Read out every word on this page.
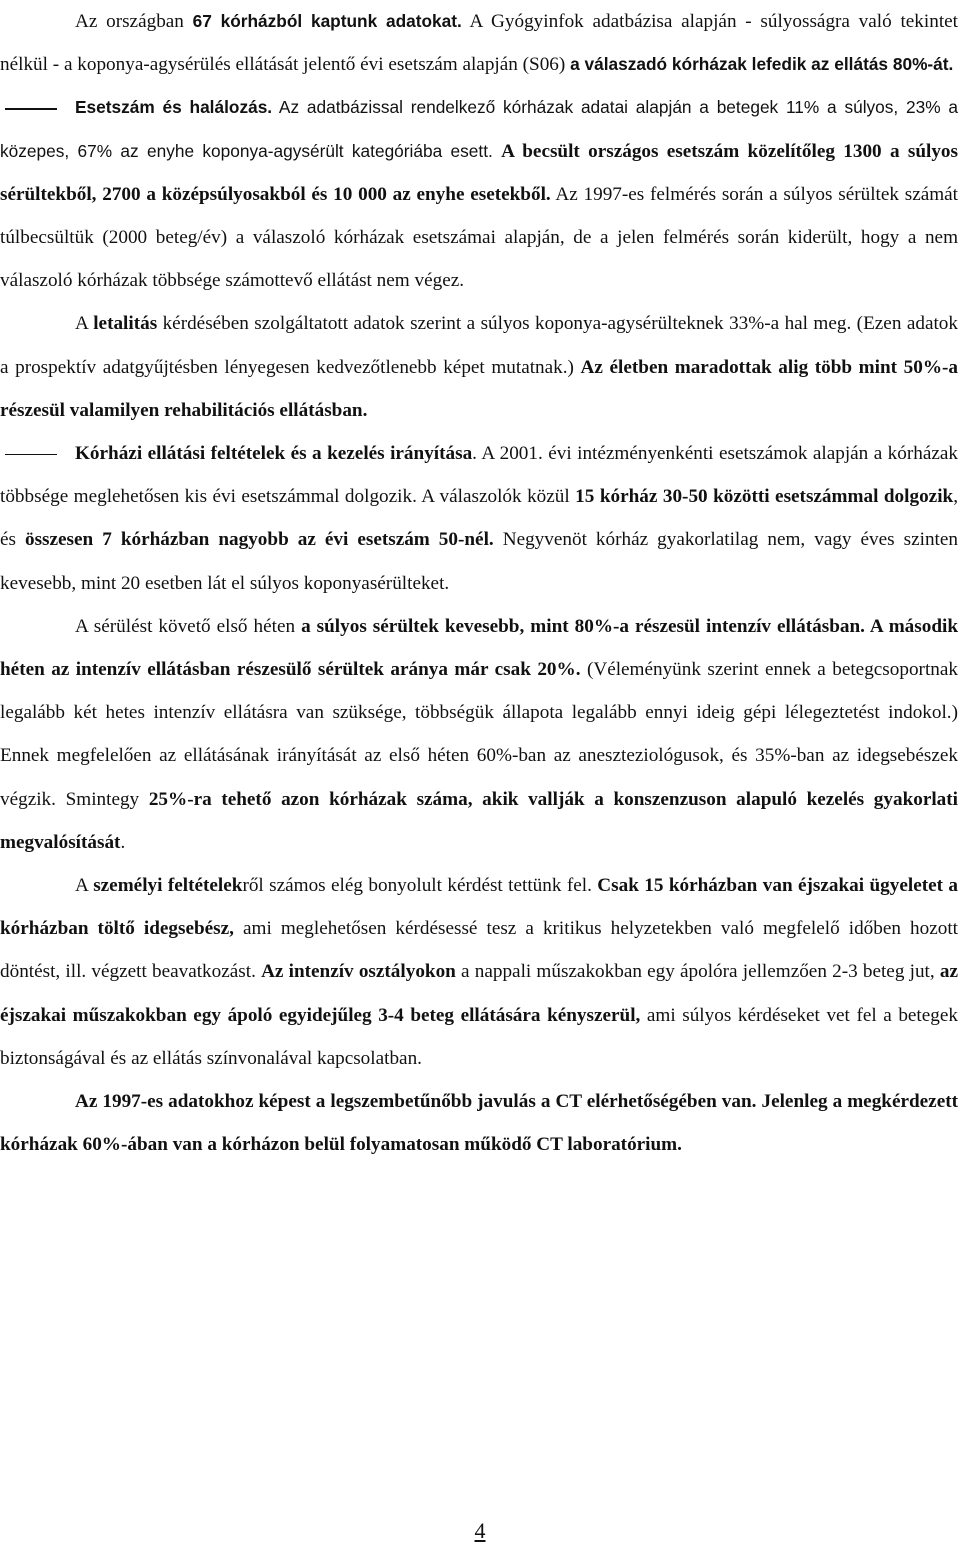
Az országban 67 kórházból kaptunk adatokat. A Gyógyinfok adatbázisa alapján - súlyosságra való tekintet nélkül - a koponya-agysérülés ellátását jelentő évi esetszám alapján (S06) a válaszadó kórházak lefedik az ellátás 80%-át.

Esetszám és halálozás. Az adatbázissal rendelkező kórházak adatai alapján a betegek 11% a súlyos, 23% a közepes, 67% az enyhe koponya-agysérült kategóriába esett. A becsült országos esetszám közelítőleg 1300 a súlyos sérültekből, 2700 a középsúlyosakból és 10 000 az enyhe esetekből. Az 1997-es felmérés során a súlyos sérültek számát túlbecsültük (2000 beteg/év) a válaszoló kórházak esetszámai alapján, de a jelen felmérés során kiderült, hogy a nem válaszoló kórházak többsége számottevő ellátást nem végez.

A letalitás kérdésében szolgáltatott adatok szerint a súlyos koponya-agysérülteknek 33%-a hal meg. (Ezen adatok a prospektív adatgyűjtésben lényegesen kedvezőtlenebb képet mutatnak.) Az életben maradottak alig több mint 50%-a részesül valamilyen rehabilitációs ellátásban.

Kórházi ellátási feltételek és a kezelés irányítása. A 2001. évi intézményenkénti esetszámok alapján a kórházak többsége meglehetősen kis évi esetszámmal dolgozik. A válaszolók közül 15 kórház 30-50 közötti esetszámmal dolgozik, és összesen 7 kórházban nagyobb az évi esetszám 50-nél. Negyvenöt kórház gyakorlatilag nem, vagy éves szinten kevesebb, mint 20 esetben lát el súlyos koponyasérülteket.

A sérülést követő első héten a súlyos sérültek kevesebb, mint 80%-a részesül intenzív ellátásban. A második héten az intenzív ellátásban részesülő sérültek aránya már csak 20%. (Véleményünk szerint ennek a betegcsoportnak legalább két hetes intenzív ellátásra van szüksége, többségük állapota legalább ennyi ideig gépi lélegeztetést indokol.) Ennek megfelelően az ellátásának irányítását az első héten 60%-ban az aneszteziológusok, és 35%-ban az idegsebészek végzik. Smintegy 25%-ra tehető azon kórházak száma, akik vallják a konszenzuson alapuló kezelés gyakorlati megvalósítását.

A személyi feltételekről számos elég bonyolult kérdést tettünk fel. Csak 15 kórházban van éjszakai ügyeletet a kórházban töltő idegsebész, ami meglehetősen kérdésessé tesz a kritikus helyzetekben való megfelelő időben hozott döntést, ill. végzett beavatkozást. Az intenzív osztályokon a nappali műszakokban egy ápolóra jellemzően 2-3 beteg jut, az éjszakai műszakokban egy ápoló egyidejűleg 3-4 beteg ellátására kényszerül, ami súlyos kérdéseket vet fel a betegek biztonságával és az ellátás színvonalával kapcsolatban.

Az 1997-es adatokhoz képest a legszembetűnőbb javulás a CT elérhetőségében van. Jelenleg a megkérdezett kórházak 60%-ában van a kórházon belül folyamatosan működő CT laboratórium.

4
